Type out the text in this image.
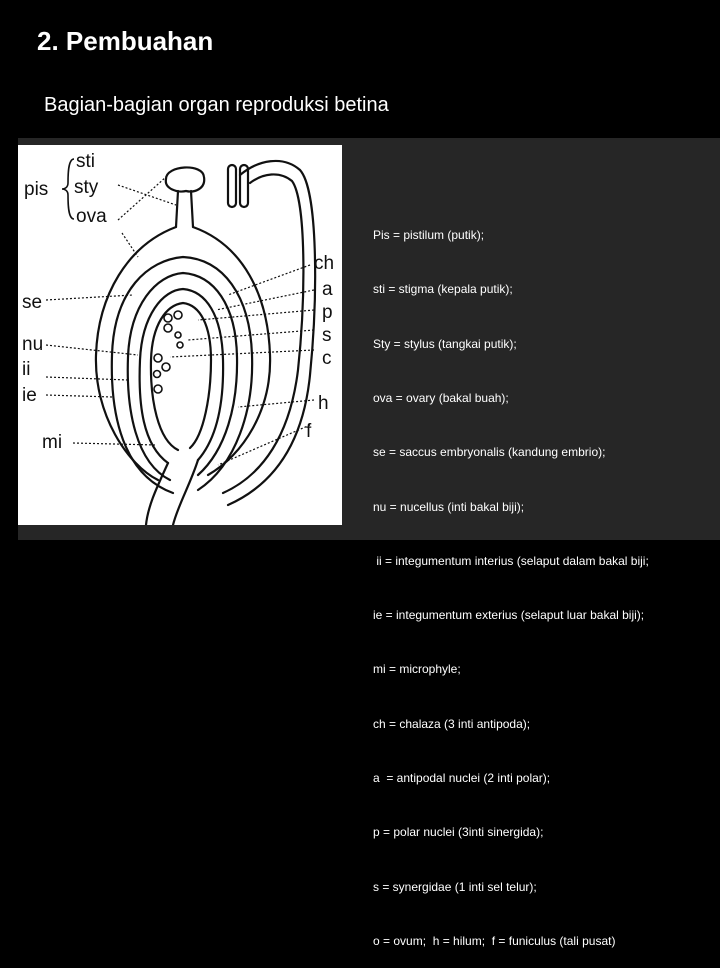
2. Pembuahan
Bagian-bagian organ reproduksi betina
pis
sti
sty
ova
se
nu
ii
ie
mi
ch
a
p
s
c
h
f

Pis = pistilum (putik);

sti = stigma (kepala putik);

Sty = stylus (tangkai putik);

ova = ovary (bakal buah);

se = saccus embryonalis (kandung embrio);

nu = nucellus (inti bakal biji);

ii = integumentum interius (selaput dalam bakal biji;

ie = integumentum exterius (selaput luar bakal biji);

mi = microphyle;

ch = chalaza (3 inti antipoda);

a  = antipodal nuclei (2 inti polar);

p = polar nuclei (3inti sinergida);

s = synergidae (1 inti sel telur);

o = ovum;  h = hilum;  f = funiculus (tali pusat)
